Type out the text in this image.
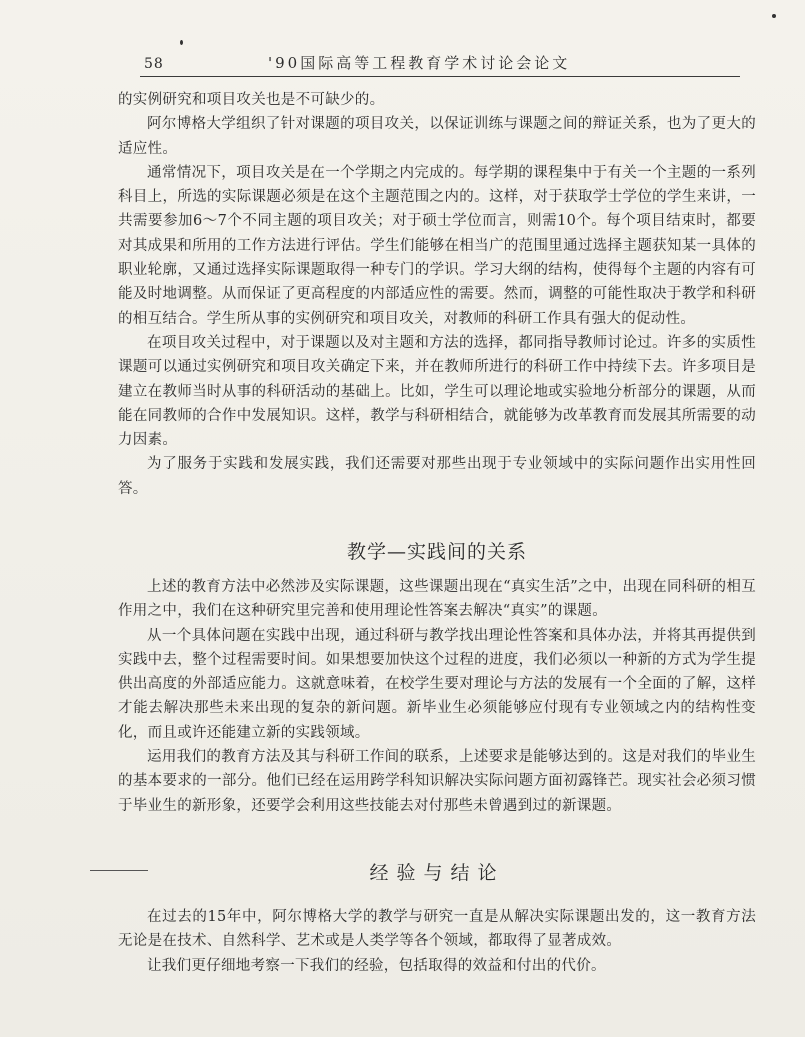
58	'90国际高等工程教育学术讨论会论文

的实例研究和项目攻关也是不可缺少的。

阿尔博格大学组织了针对课题的项目攻关，以保证训练与课题之间的辩证关系，也为了更大的适应性。

通常情况下，项目攻关是在一个学期之内完成的。每学期的课程集中于有关一个主题的一系列科目上，所选的实际课题必须是在这个主题范围之内的。这样，对于获取学士学位的学生来讲，一共需要参加6～7个不同主题的项目攻关；对于硕士学位而言，则需10个。每个项目结束时，都要对其成果和所用的工作方法进行评估。学生们能够在相当广的范围里通过选择主题获知某一具体的职业轮廓，又通过选择实际课题取得一种专门的学识。学习大纲的结构，使得每个主题的内容有可能及时地调整。从而保证了更高程度的内部适应性的需要。然而，调整的可能性取决于教学和科研的相互结合。学生所从事的实例研究和项目攻关，对教师的科研工作具有强大的促动性。

在项目攻关过程中，对于课题以及对主题和方法的选择，都同指导教师讨论过。许多的实质性课题可以通过实例研究和项目攻关确定下来，并在教师所进行的科研工作中持续下去。许多项目是建立在教师当时从事的科研活动的基础上。比如，学生可以理论地或实验地分析部分的课题，从而能在同教师的合作中发展知识。这样，教学与科研相结合，就能够为改革教育而发展其所需要的动力因素。

为了服务于实践和发展实践，我们还需要对那些出现于专业领域中的实际问题作出实用性回答。

教学—实践间的关系

上述的教育方法中必然涉及实际课题，这些课题出现在“真实生活”之中，出现在同科研的相互作用之中，我们在这种研究里完善和使用理论性答案去解决“真实”的课题。

从一个具体问题在实践中出现，通过科研与教学找出理论性答案和具体办法，并将其再提供到实践中去，整个过程需要时间。如果想要加快这个过程的进度，我们必须以一种新的方式为学生提供出高度的外部适应能力。这就意味着，在校学生要对理论与方法的发展有一个全面的了解，这样才能去解决那些未来出现的复杂的新问题。新毕业生必须能够应付现有专业领域之内的结构性变化，而且或许还能建立新的实践领域。

运用我们的教育方法及其与科研工作间的联系，上述要求是能够达到的。这是对我们的毕业生的基本要求的一部分。他们已经在运用跨学科知识解决实际问题方面初露锋芒。现实社会必须习惯于毕业生的新形象，还要学会利用这些技能去对付那些未曾遇到过的新课题。

经验与结论

在过去的15年中，阿尔博格大学的教学与研究一直是从解决实际课题出发的，这一教育方法无论是在技术、自然科学、艺术或是人类学等各个领域，都取得了显著成效。

让我们更仔细地考察一下我们的经验，包括取得的效益和付出的代价。
